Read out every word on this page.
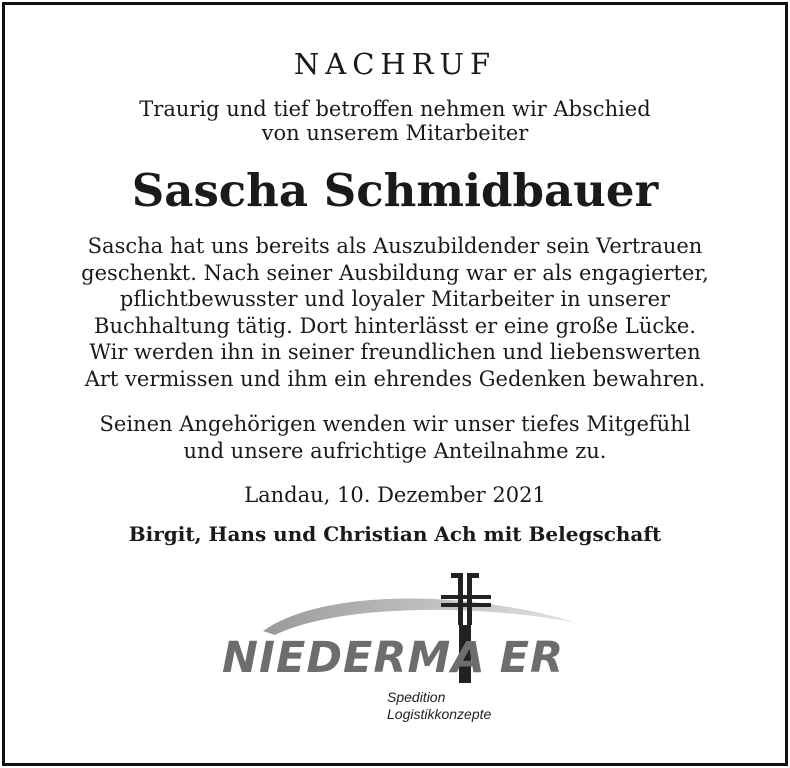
NACHRUF
Traurig und tief betroffen nehmen wir Abschied
von unserem Mitarbeiter
Sascha Schmidbauer
Sascha hat uns bereits als Auszubildender sein Vertrauen
geschenkt. Nach seiner Ausbildung war er als engagierter,
pflichtbewusster und loyaler Mitarbeiter in unserer
Buchhaltung tätig. Dort hinterlässt er eine große Lücke.
Wir werden ihn in seiner freundlichen und liebenswerten
Art vermissen und ihm ein ehrendes Gedenken bewahren.
Seinen Angehörigen wenden wir unser tiefes Mitgefühl
und unsere aufrichtige Anteilnahme zu.
Landau, 10. Dezember 2021
Birgit, Hans und Christian Ach mit Belegschaft
NIEDERMA ER
Spedition
Logistikkonzepte
